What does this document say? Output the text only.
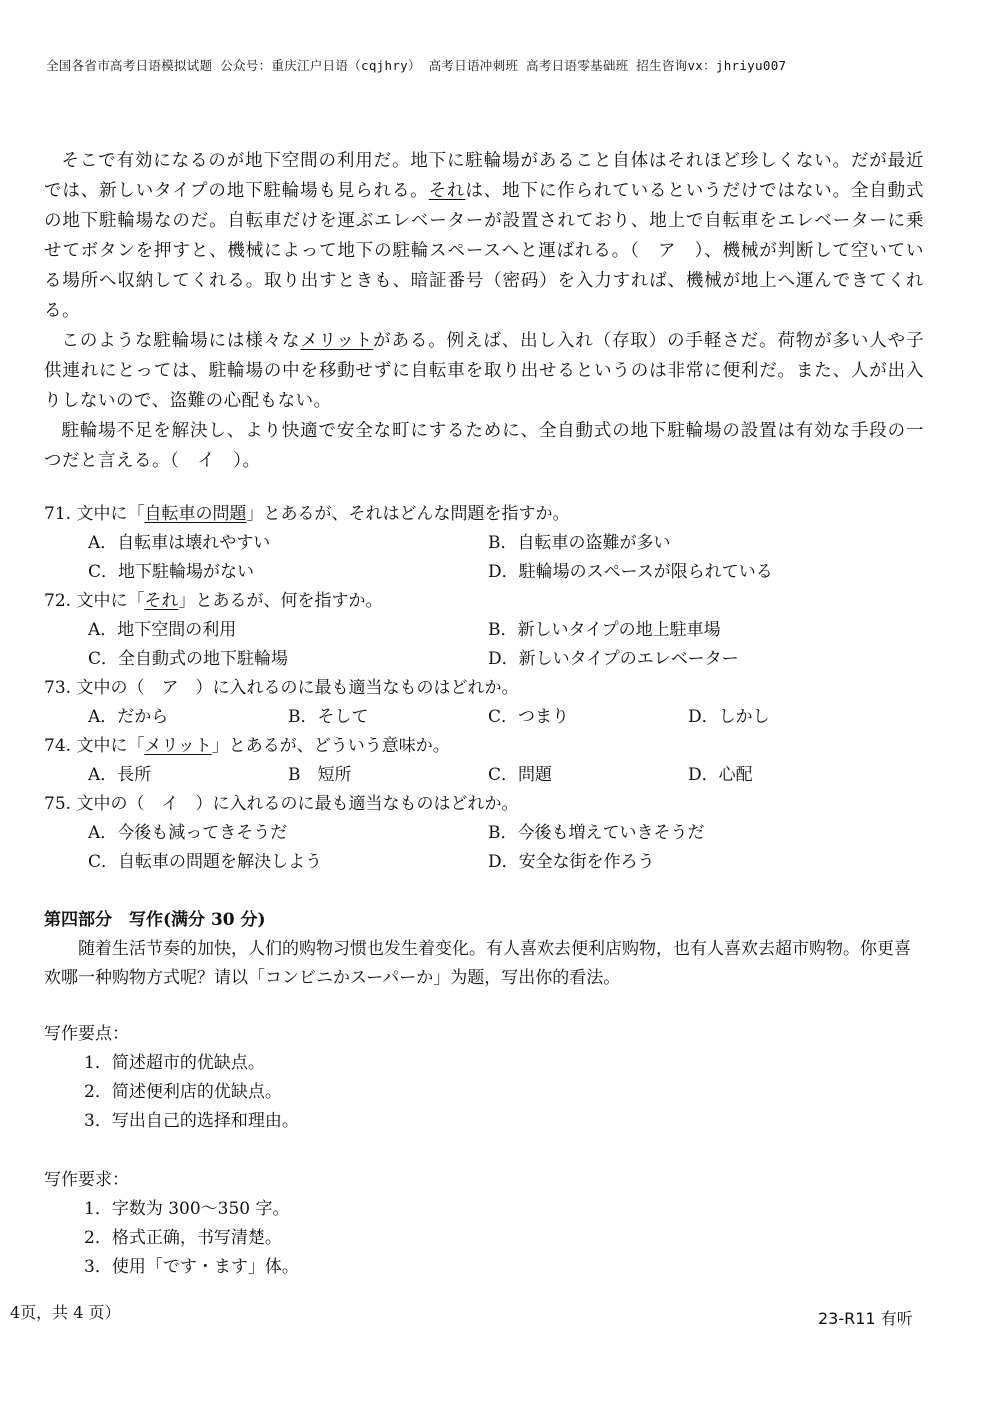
全国各省市高考日语模拟试题 公众号：重庆江户日语（cqjhry） 高考日语冲刺班 高考日语零基础班 招生咨询vx：jhriyu007

そこで有効になるのが地下空間の利用だ。地下に駐輪場があること自体はそれほど珍しくない。だが最近では、新しいタイプの地下駐輪場も見られる。それは、地下に作られているというだけではない。全自動式の地下駐輪場なのだ。自転車だけを運ぶエレベーターが設置されており、地上で自転車をエレベーターに乗せてボタンを押すと、機械によって地下の駐輪スペースへと運ばれる。（　ア　）、機械が判断して空いている場所へ収納してくれる。取り出すときも、暗証番号（密码）を入力すれば、機械が地上へ運んできてくれる。

このような駐輪場には様々なメリットがある。例えば、出し入れ（存取）の手軽さだ。荷物が多い人や子供連れにとっては、駐輪場の中を移動せずに自転車を取り出せるというのは非常に便利だ。また、人が出入りしないので、盗難の心配もない。

駐輪場不足を解決し、より快適で安全な町にするために、全自動式の地下駐輪場の設置は有効な手段の一つだと言える。（　イ　）。

71. 文中に「自転車の問題」とあるが、それはどんな問題を指すか。
A．自転車は壊れやすい	B．自転車の盗難が多い
C．地下駐輪場がない	D．駐輪場のスペースが限られている
72. 文中に「それ」とあるが、何を指すか。
A．地下空間の利用	B．新しいタイプの地上駐車場
C．全自動式の地下駐輪場	D．新しいタイプのエレベーター
73. 文中の（　ア　）に入れるのに最も適当なものはどれか。
A．だから	B．そして	C．つまり	D．しかし
74. 文中に「メリット」とあるが、どういう意味か。
A．長所	B　短所	C．問題	D．心配
75. 文中の（　イ　）に入れるのに最も適当なものはどれか。
A．今後も減ってきそうだ	B．今後も増えていきそうだ
C．自転車の問題を解決しよう	D．安全な街を作ろう
第四部分　写作(满分 30 分)

随着生活节奏的加快，人们的购物习惯也发生着变化。有人喜欢去便利店购物，也有人喜欢去超市购物。你更喜欢哪一种购物方式呢？请以「コンビニかスーパーか」为题，写出你的看法。

写作要点：

1．简述超市的优缺点。
2．简述便利店的优缺点。
3．写出自己的选择和理由。

写作要求：

1．字数为 300～350 字。
2．格式正确，书写清楚。
3．使用「です・ます」体。
4页，共 4 页）	23-R11 有听
